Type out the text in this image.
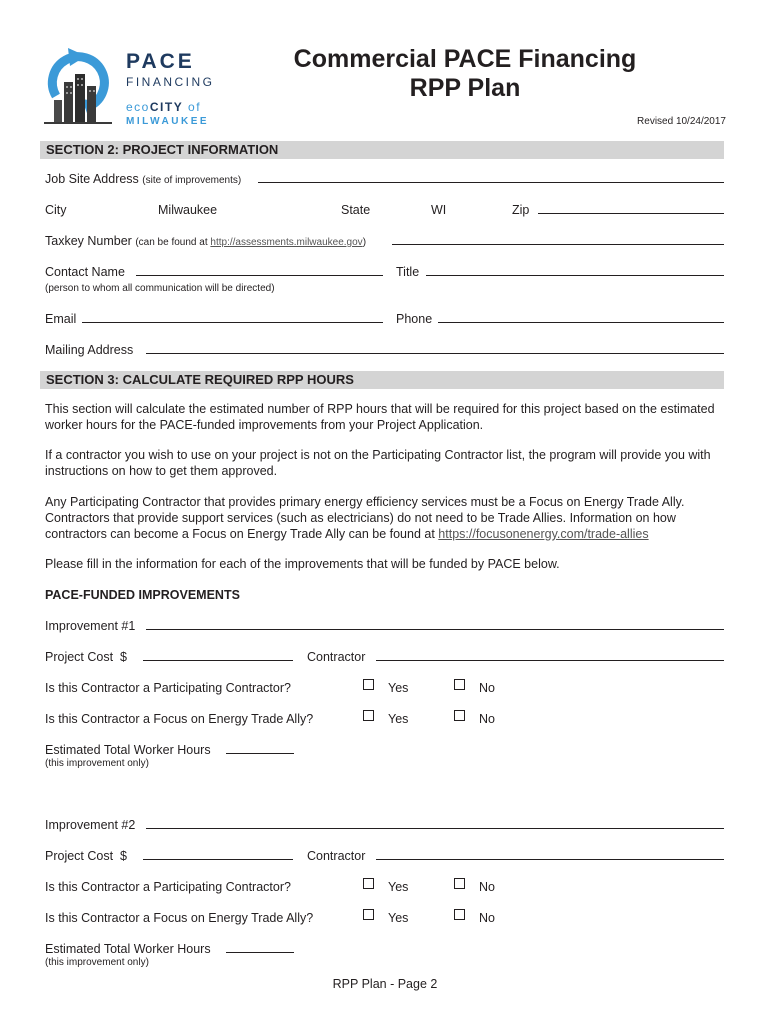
PACE
FINANCING
ecoCITY of
MILWAUKEE
Commercial PACE Financing
RPP Plan
Revised 10/24/2017
SECTION 2: PROJECT INFORMATION
Job Site Address (site of improvements)
City	Milwaukee	State	WI	Zip
Taxkey Number (can be found at http://assessments.milwaukee.gov)
Contact Name	Title
(person to whom all communication will be directed)
Email	Phone
Mailing Address
SECTION 3: CALCULATE REQUIRED RPP HOURS
This section will calculate the estimated number of RPP hours that will be required for this project based on the estimated worker hours for the PACE-funded improvements from your Project Application.
If a contractor you wish to use on your project is not on the Participating Contractor list, the program will provide you with instructions on how to get them approved.
Any Participating Contractor that provides primary energy efficiency services must be a Focus on Energy Trade Ally. Contractors that provide support services (such as electricians) do not need to be Trade Allies. Information on how contractors can become a Focus on Energy Trade Ally can be found at https://focusonenergy.com/trade-allies
Please fill in the information for each of the improvements that will be funded by PACE below.
PACE-FUNDED IMPROVEMENTS
Improvement #1
Project Cost $	Contractor
Is this Contractor a Participating Contractor?	Yes	No
Is this Contractor a Focus on Energy Trade Ally?	Yes	No
Estimated Total Worker Hours
(this improvement only)
Improvement #2
Project Cost $	Contractor
Is this Contractor a Participating Contractor?	Yes	No
Is this Contractor a Focus on Energy Trade Ally?	Yes	No
Estimated Total Worker Hours
(this improvement only)
RPP Plan - Page 2
